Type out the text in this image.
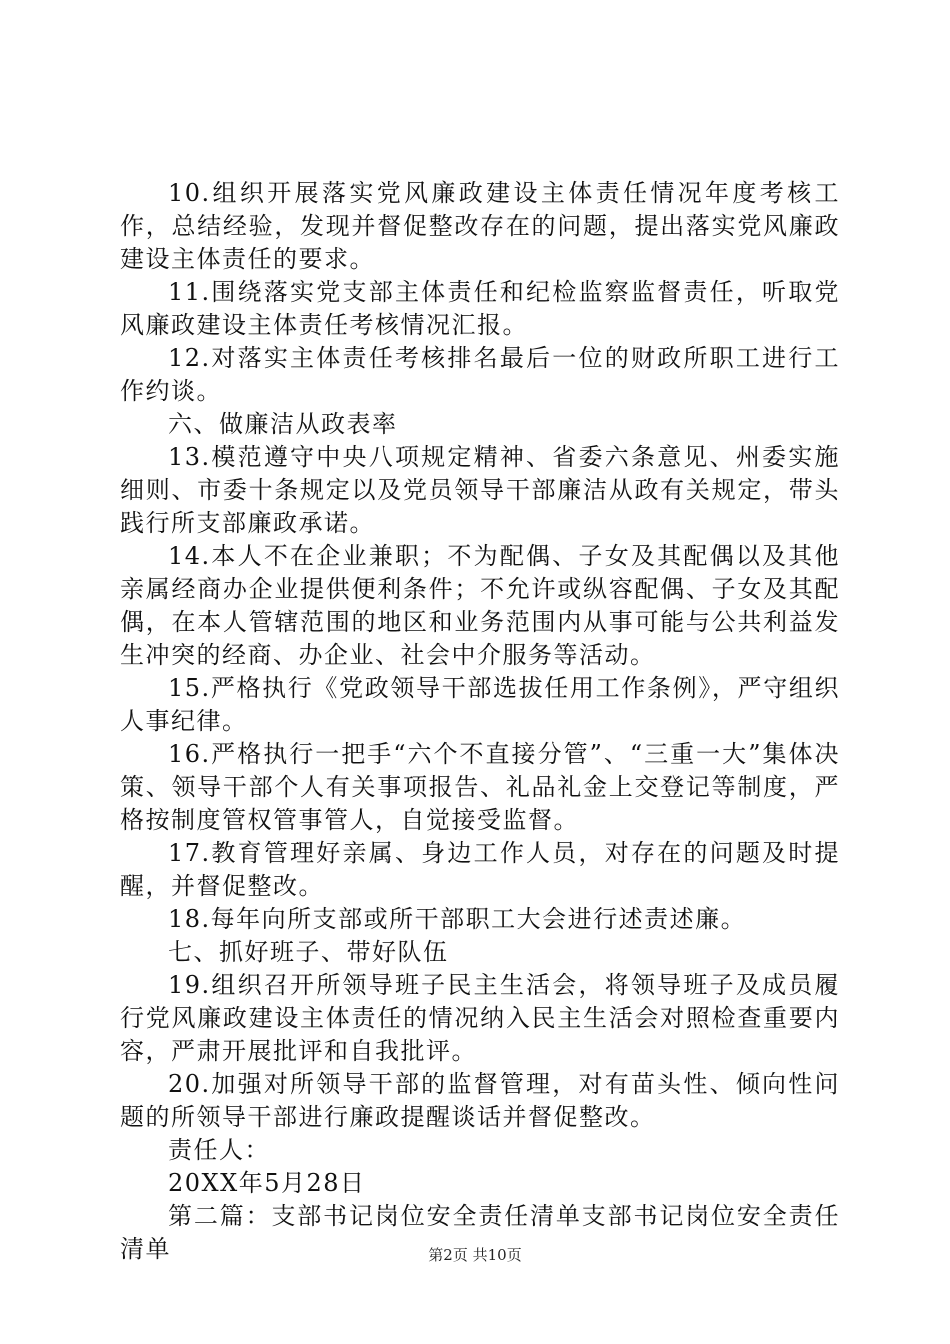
10.组织开展落实党风廉政建设主体责任情况年度考核工作，总结经验，发现并督促整改存在的问题，提出落实党风廉政建设主体责任的要求。

11.围绕落实党支部主体责任和纪检监察监督责任，听取党风廉政建设主体责任考核情况汇报。

12.对落实主体责任考核排名最后一位的财政所职工进行工作约谈。

六、做廉洁从政表率

13.模范遵守中央八项规定精神、省委六条意见、州委实施细则、市委十条规定以及党员领导干部廉洁从政有关规定，带头践行所支部廉政承诺。

14.本人不在企业兼职；不为配偶、子女及其配偶以及其他亲属经商办企业提供便利条件；不允许或纵容配偶、子女及其配偶，在本人管辖范围的地区和业务范围内从事可能与公共利益发生冲突的经商、办企业、社会中介服务等活动。

15.严格执行《党政领导干部选拔任用工作条例》，严守组织人事纪律。

16.严格执行一把手“六个不直接分管”、“三重一大”集体决策、领导干部个人有关事项报告、礼品礼金上交登记等制度，严格按制度管权管事管人，自觉接受监督。

17.教育管理好亲属、身边工作人员，对存在的问题及时提醒，并督促整改。

18.每年向所支部或所干部职工大会进行述责述廉。

七、抓好班子、带好队伍

19.组织召开所领导班子民主生活会，将领导班子及成员履行党风廉政建设主体责任的情况纳入民主生活会对照检查重要内容，严肃开展批评和自我批评。

20.加强对所领导干部的监督管理，对有苗头性、倾向性问题的所领导干部进行廉政提醒谈话并督促整改。

责任人：

20XX年5月28日

第二篇：支部书记岗位安全责任清单支部书记岗位安全责任清单	第2页 共10页
